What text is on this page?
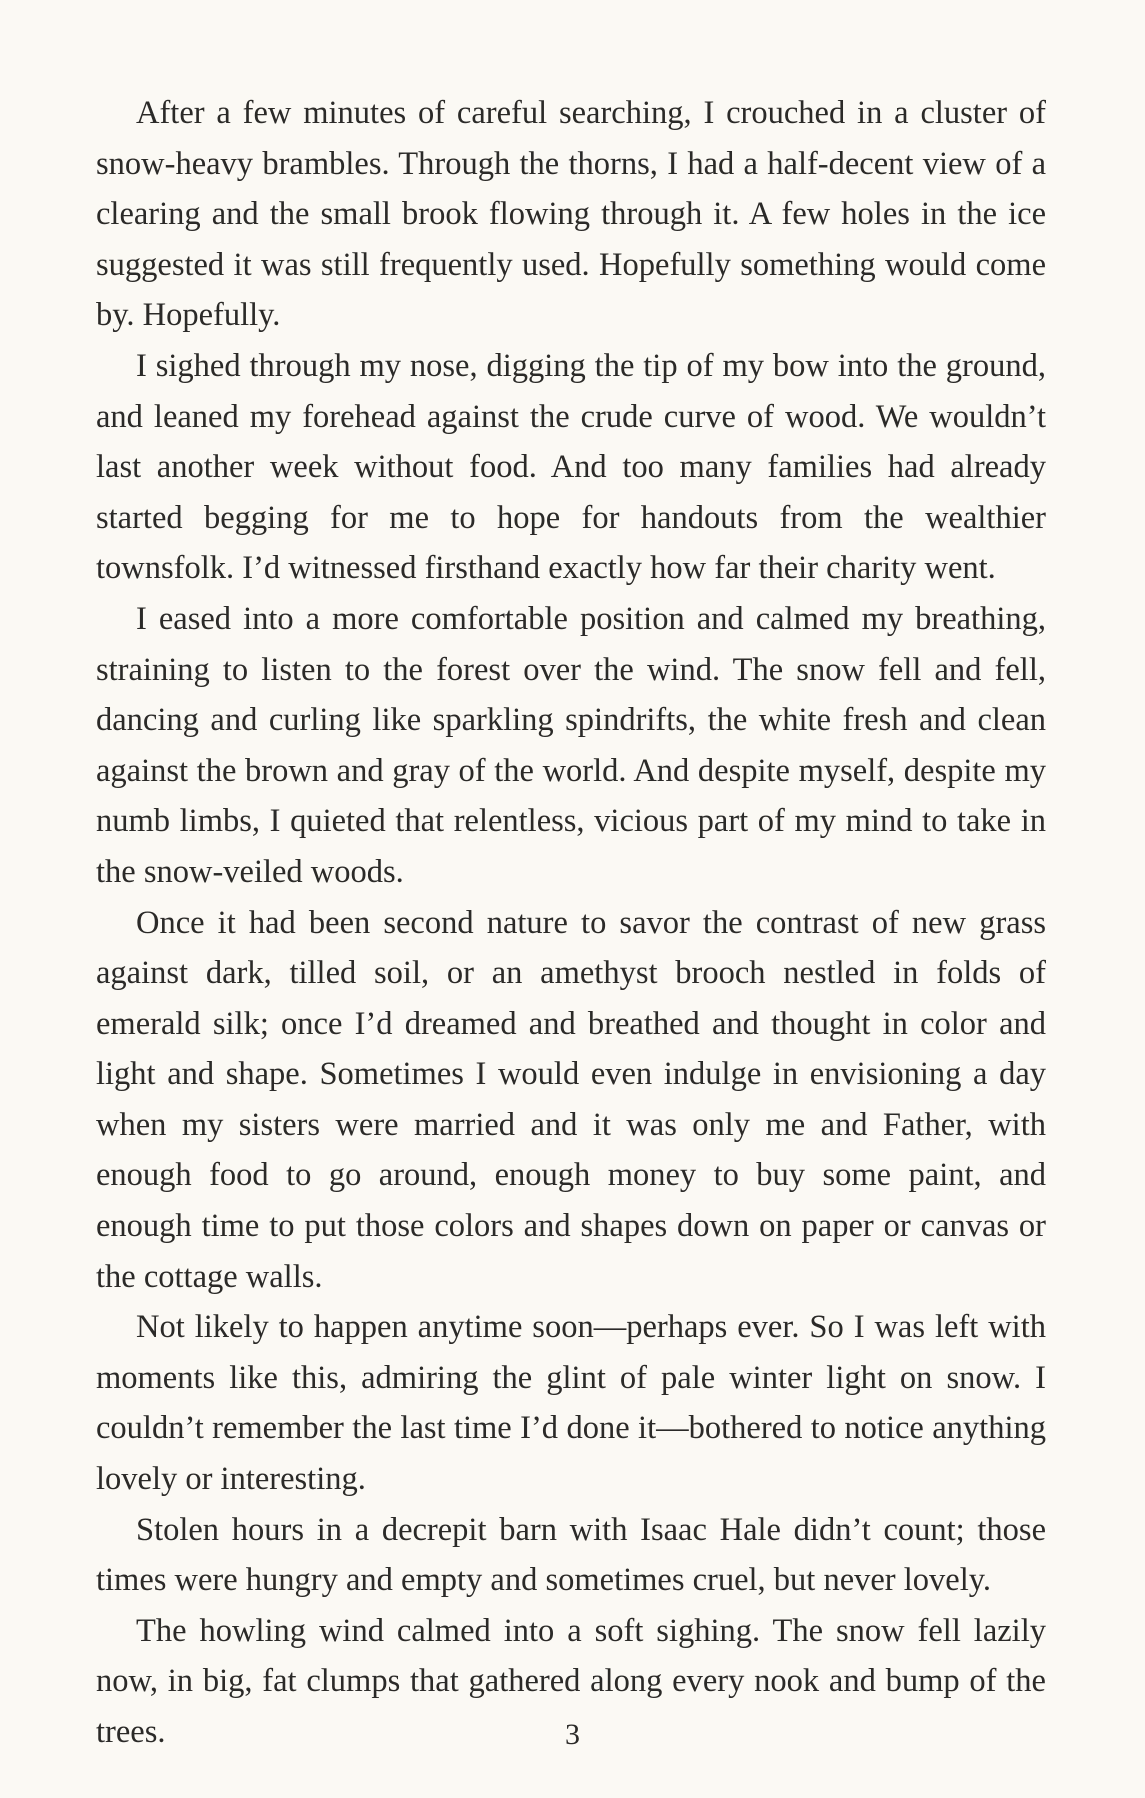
After a few minutes of careful searching, I crouched in a cluster of snow-heavy brambles. Through the thorns, I had a half-decent view of a clearing and the small brook flowing through it. A few holes in the ice suggested it was still frequently used. Hopefully something would come by. Hopefully.

I sighed through my nose, digging the tip of my bow into the ground, and leaned my forehead against the crude curve of wood. We wouldn’t last another week without food. And too many families had already started begging for me to hope for handouts from the wealthier townsfolk. I’d witnessed firsthand exactly how far their charity went.

I eased into a more comfortable position and calmed my breathing, straining to listen to the forest over the wind. The snow fell and fell, dancing and curling like sparkling spindrifts, the white fresh and clean against the brown and gray of the world. And despite myself, despite my numb limbs, I quieted that relentless, vicious part of my mind to take in the snow-veiled woods.

Once it had been second nature to savor the contrast of new grass against dark, tilled soil, or an amethyst brooch nestled in folds of emerald silk; once I’d dreamed and breathed and thought in color and light and shape. Sometimes I would even indulge in envisioning a day when my sisters were married and it was only me and Father, with enough food to go around, enough money to buy some paint, and enough time to put those colors and shapes down on paper or canvas or the cottage walls.

Not likely to happen anytime soon—perhaps ever. So I was left with moments like this, admiring the glint of pale winter light on snow. I couldn’t remember the last time I’d done it—bothered to notice anything lovely or interesting.

Stolen hours in a decrepit barn with Isaac Hale didn’t count; those times were hungry and empty and sometimes cruel, but never lovely.

The howling wind calmed into a soft sighing. The snow fell lazily now, in big, fat clumps that gathered along every nook and bump of the trees.	3
